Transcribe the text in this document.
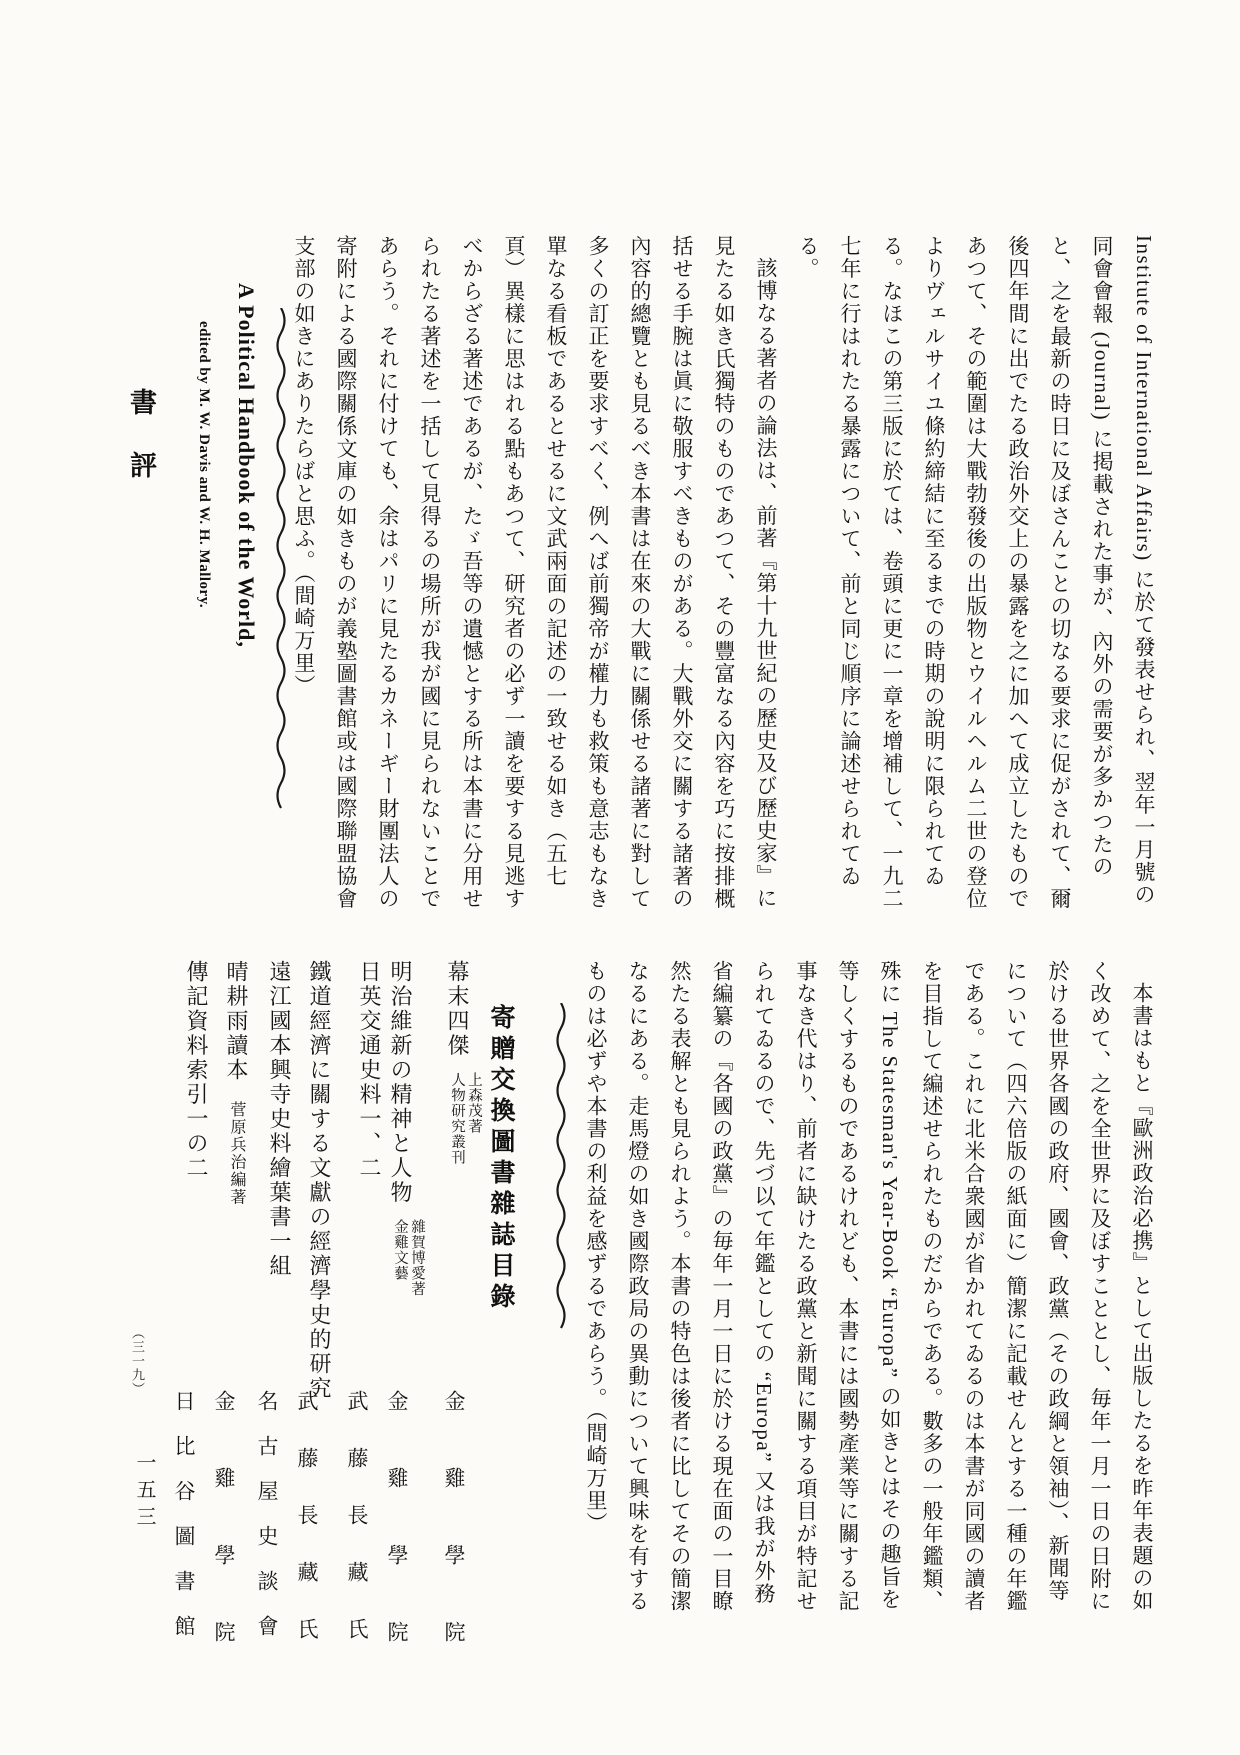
Institute of International Affairs) に於て發表せられ、翌年一月號の同會會報 (Journal) に掲載された事が、內外の需要が多かつたのと、之を最新の時日に及ぼさんことの切なる要求に促がされて、爾後四年間に出でたる政治外交上の暴露を之に加へて成立したものであつて、その範圍は大戰勃發後の出版物とウイルヘルム二世の登位よりヴェルサイユ條約締結に至るまでの時期の說明に限られてゐる。なほこの第三版に於ては、卷頭に更に一章を增補して、一九二七年に行はれたる暴露について、前と同じ順序に論述せられてゐる。

該博なる著者の論法は、前著『第十九世紀の歷史及び歷史家』に見たる如き氏獨特のものであつて、その豐富なる內容を巧に按排概括せる手腕は眞に敬服すべきものがある。大戰外交に關する諸著の內容的總覽とも見るべき本書は在來の大戰に關係せる諸著に對して多くの訂正を要求すべく、例へば前獨帝が權力も救策も意志もなき單なる看板であるとせるに文武兩面の記述の一致せる如き（五七頁）異樣に思はれる點もあつて、研究者の必ず一讀を要する見逃すべからざる著述であるが、たゞ吾等の遺憾とする所は本書に分用せられたる著述を一括して見得るの場所が我が國に見られないことであらう。それに付けても、余はパリに見たるカネーギー財團法人の寄附による國際關係文庫の如きものが義塾圖書館或は國際聯盟協會支部の如きにありたらばと思ふ。（間崎万里）

A Political Handbook of the World,
edited by M. W. Davis and W. H. Mallory.
書評

本書はもと『歐洲政治必携』として出版したるを昨年表題の如く改めて、之を全世界に及ぼすこととし、毎年一月一日の日附に於ける世界各國の政府、國會、政黨（その政綱と領袖）、新聞等について（四六倍版の紙面に）簡潔に記載せんとする一種の年鑑である。これに北米合衆國が省かれてゐるのは本書が同國の讀者を目指して編述せられたものだからである。數多の一般年鑑類、殊に The Statesman's Year-Book “Europa” の如きとはその趣旨を等しくするものであるけれども、本書には國勢產業等に關する記事なき代はり、前者に缺けたる政黨と新聞に關する項目が特記せられてゐるので、先づ以て年鑑としての “Europa” 又は我が外務省編纂の『各國の政黨』の毎年一月一日に於ける現在面の一目瞭然たる表解とも見られよう。本書の特色は後者に比してその簡潔なるにある。走馬燈の如き國際政局の異動について興味を有するものは必ずや本書の利益を感ずるであらう。（間崎万里）

寄贈交換圖書雜誌目錄
幕末四傑
上森茂著
人物研究叢刊
金雞學院
明治維新の精神と人物
雜賀博愛著
金雞文藝
金雞學院
日英交通史料一、二
武藤長藏氏
鐵道經濟に關する文獻の經濟學史的研究
武藤長藏氏
遠江國本興寺史料繪葉書一組
名古屋史談會
晴耕雨讀本菅原兵治編著
金雞學院
傳記資料索引一の二
日比谷圖書館
（三一九）
一五三
